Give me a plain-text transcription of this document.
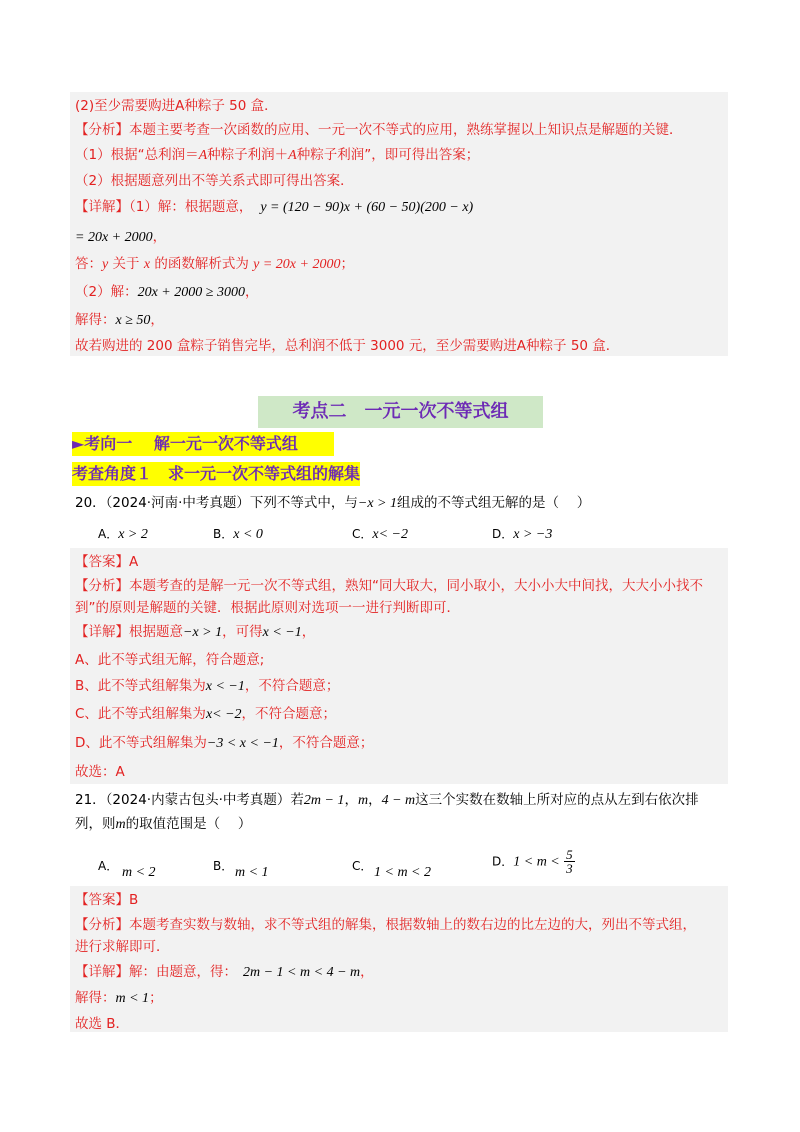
(2)至少需要购进A种粽子 50 盒．
【分析】本题主要考查一次函数的应用、一元一次不等式的应用，熟练掌握以上知识点是解题的关键．
（1）根据“总利润＝A种粽子利润＋A种粽子利润”，即可得出答案；
（2）根据题意列出不等关系式即可得出答案．
【详解】（1）解：根据题意， y = (120 − 90)x + (60 − 50)(200 − x)
= 20x + 2000，
答：y 关于 x 的函数解析式为 y = 20x + 2000；
（2）解：20x + 2000 ≥ 3000，
解得：x ≥ 50，
故若购进的 200 盒粽子销售完毕，总利润不低于 3000 元，至少需要购进A种粽子 50 盒．
考点二　一元一次不等式组
►考向一　 解一元一次不等式组
考查角度１　求一元一次不等式组的解集
20．（2024·河南·中考真题）下列不等式中，与−x > 1组成的不等式组无解的是（　 ）
A．x > 2	B．x < 0	C．x< −2	D．x > −3
【答案】A
【分析】本题考查的是解一元一次不等式组，熟知“同大取大，同小取小，大小小大中间找，大大小小找不
到”的原则是解题的关键．根据此原则对选项一一进行判断即可．
【详解】根据题意−x > 1，可得x < −1，
A、此不等式组无解，符合题意;
B、此不等式组解集为x < −1，不符合题意；
C、此不等式组解集为x< −2，不符合题意；
D、此不等式组解集为−3 < x < −1，不符合题意；
故选：A
21．（2024·内蒙古包头·中考真题）若2m − 1，m，4 − m这三个实数在数轴上所对应的点从左到右依次排
列，则m的取值范围是（　 ）
A． m < 2	B． m < 1	C． 1 < m < 2
D．$1 < m < \frac{5}{3}$
【答案】B
【分析】本题考查实数与数轴，求不等式组的解集，根据数轴上的数右边的比左边的大，列出不等式组，
进行求解即可．
【详解】解：由题意，得： 2m − 1 < m < 4 − m，
解得：m < 1；
故选 B．
